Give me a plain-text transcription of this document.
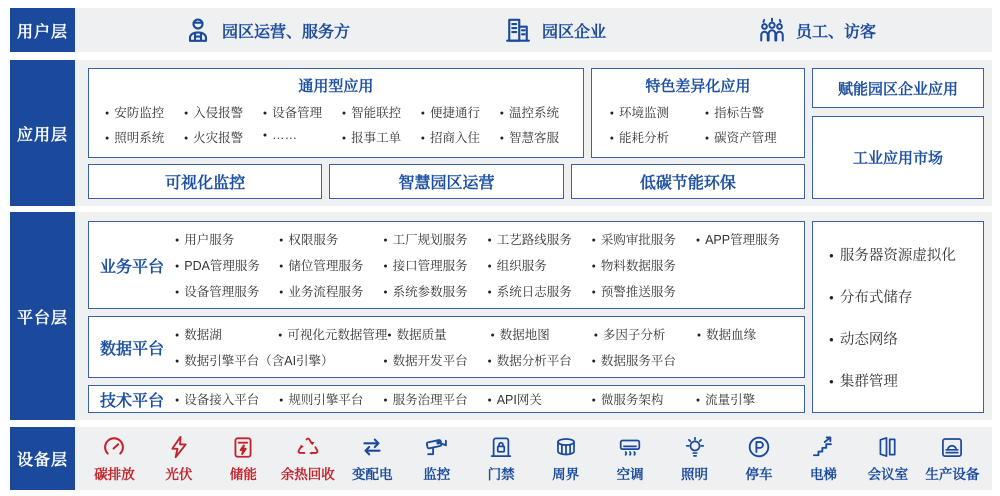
用户层	园区运营、服务方	园区企业	员工、访客
应用层
通用型应用
● 安防监控	● 入侵报警	● 设备管理	● 智能联控	● 便捷通行	● 温控系统
● 照明系统	● 火灾报警	● ……	● 报事工单	● 招商入住	● 智慧客服
特色差异化应用
● 环境监测	● 指标告警
● 能耗分析	● 碳资产管理
可视化监控	智慧园区运营	低碳节能环保
赋能园区企业应用
工业应用市场
平台层
业务平台
● 用户服务	● 权限服务	● 工厂规划服务	● 工艺路线服务	● 采购审批服务	● APP管理服务
● PDA管理服务	● 储位管理服务	● 接口管理服务	● 组织服务	● 物料数据服务
● 设备管理服务	● 业务流程服务	● 系统参数服务	● 系统日志服务	● 预警推送服务
数据平台
● 数据湖	● 可视化元数据管理 ● 数据质量	● 数据地图	● 多因子分析	● 数据血缘
● 数据引擎平台（含AI引擎）	● 数据开发平台	● 数据分析平台	● 数据服务平台
技术平台	● 设备接入平台	● 规则引擎平台	● 服务治理平台	● API网关	● 微服务架构	● 流量引擎
● 服务器资源虚拟化
● 分布式储存
● 动态网络
● 集群管理
设备层
碳排放 光伏	储能 余热回收 变配电 监控	门禁	周界	空调	照明	停车	电梯 会议室 生产设备
